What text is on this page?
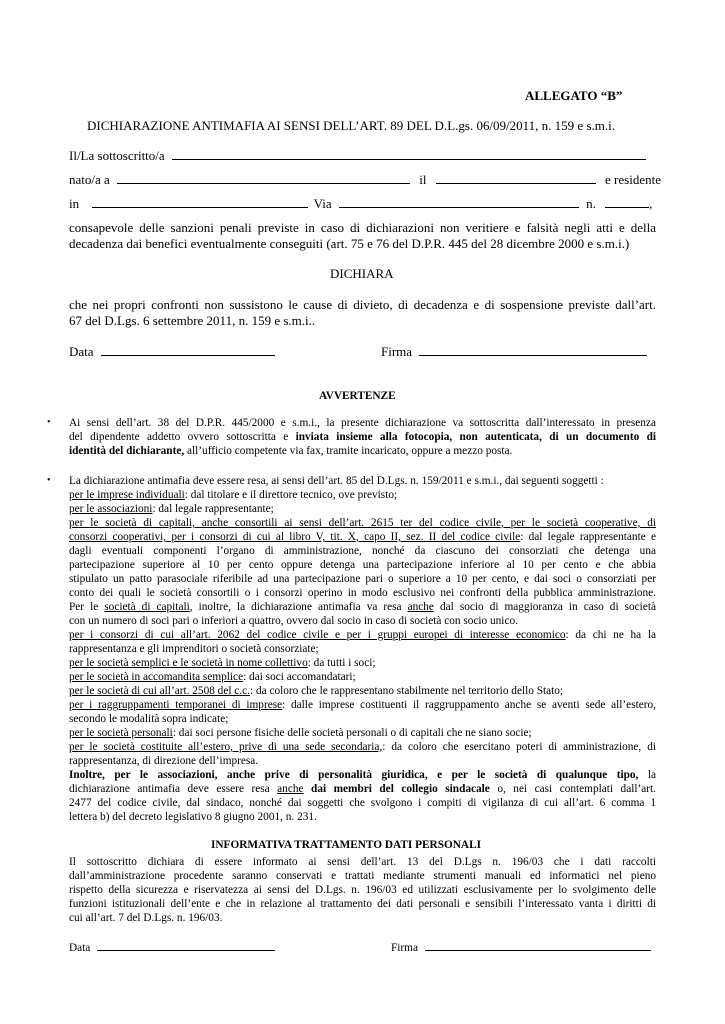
ALLEGATO “B”
DICHIARAZIONE ANTIMAFIA AI SENSI DELL’ART. 89 DEL D.L.gs. 06/09/2011, n. 159 e s.m.i.
Il/La sottoscritto/a
nato/a a	il	e residente
in	Via	n.	,
consapevole delle sanzioni penali previste in caso di dichiarazioni non veritiere e falsità negli atti e della
decadenza dai benefici eventualmente conseguiti (art. 75 e 76 del D.P.R. 445 del 28 dicembre 2000 e s.m.i.)
DICHIARA
che nei propri confronti non sussistono le cause di divieto, di decadenza e di sospensione previste dall’art.
67 del D.Lgs. 6 settembre 2011, n. 159 e s.m.i..
Data	Firma
AVVERTENZE
• Ai sensi dell’art. 38 del D.P.R. 445/2000 e s.m.i., la presente dichiarazione va sottoscritta dall’interessato in presenza
del dipendente addetto ovvero sottoscritta e inviata insieme alla fotocopia, non autenticata, di un documento di
identità del dichiarante, all’ufficio competente via fax, tramite incaricato, oppure a mezzo posta.
• La dichiarazione antimafia deve essere resa, ai sensi dell’art. 85 del D.Lgs. n. 159/2011 e s.m.i., dai seguenti soggetti :
per le imprese individuali: dal titolare e il direttore tecnico, ove previsto;
per le associazioni: dal legale rappresentante;
per le società di capitali, anche consortili ai sensi dell’art. 2615 ter del codice civile, per le società cooperative, di
consorzi cooperativi, per i consorzi di cui al libro V, tit. X, capo II, sez. II del codice civile: dal legale rappresentante e
dagli eventuali componenti l’organo di amministrazione, nonché da ciascuno dei consorziati che detenga una
partecipazione superiore al 10 per cento oppure detenga una partecipazione inferiore al 10 per cento e che abbia
stipulato un patto parasociale riferibile ad una partecipazione pari o superiore a 10 per cento, e dai soci o consorziati per
conto dei quali le società consortili o i consorzi operino in modo esclusivo nei confronti della pubblica amministrazione.
Per le società di capitali, inoltre, la dichiarazione antimafia va resa anche dal socio di maggioranza in caso di società
con un numero di soci pari o inferiori a quattro, ovvero dal socio in caso di società con socio unico.
per i consorzi di cui all’art. 2062 del codice civile e per i gruppi europei di interesse economico: da chi ne ha la
rappresentanza e gli imprenditori o società consorziate;
per le società semplici e le società in nome collettivo: da tutti i soci;
per le società in accomandita semplice: dai soci accomandatari;
per le società di cui all’art. 2508 del c.c.: da coloro che le rappresentano stabilmente nel territorio dello Stato;
per i raggruppamenti temporanei di imprese: dalle imprese costituenti il raggruppamento anche se aventi sede all’estero,
secondo le modalità sopra indicate;
per le società personali: dai soci persone fisiche delle società personali o di capitali che ne siano socie;
per le società costituite all’estero, prive di una sede secondaria,: da coloro che esercitano poteri di amministrazione, di
rappresentanza, di direzione dell’impresa.
Inoltre, per le associazioni, anche prive di personalità giuridica, e per le società di qualunque tipo, la
dichiarazione antimafia deve essere resa anche dai membri del collegio sindacale o, nei casi contemplati dall’art.
2477 del codice civile, dal sindaco, nonché dai soggetti che svolgono i compiti di vigilanza di cui all’art. 6 comma 1
lettera b) del decreto legislativo 8 giugno 2001, n. 231.
INFORMATIVA TRATTAMENTO DATI PERSONALI
Il sottoscritto dichiara di essere informato ai sensi dell’art. 13 del D.Lgs n. 196/03 che i dati raccolti
dall’amministrazione procedente saranno conservati e trattati mediante strumenti manuali ed informatici nel pieno
rispetto della sicurezza e riservatezza ai sensi del D.Lgs. n. 196/03 ed utilizzati esclusivamente per lo svolgimento delle
funzioni istituzionali dell’ente e che in relazione al trattamento dei dati personali e sensibili l’interessato vanta i diritti di
cui all’art. 7 del D.Lgs. n. 196/03.
Data	Firma
